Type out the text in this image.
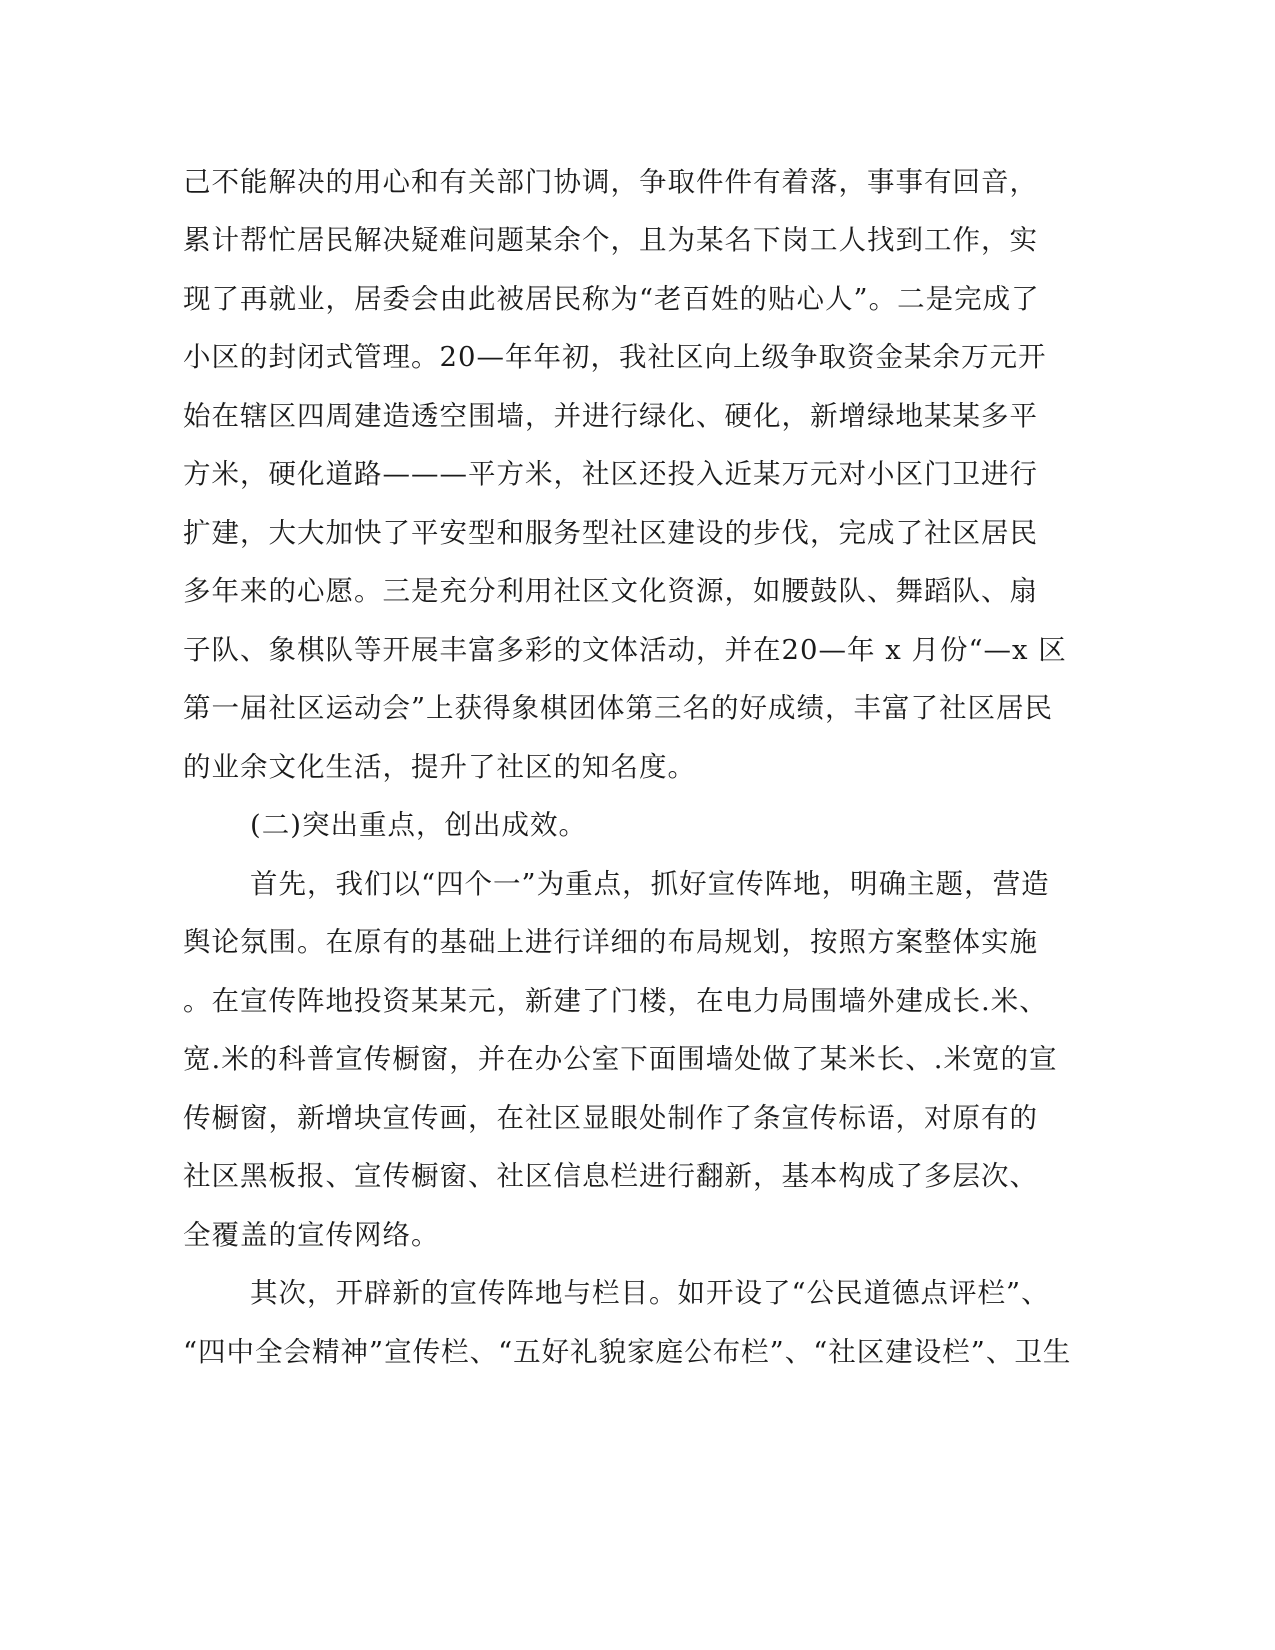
己不能解决的用心和有关部门协调，争取件件有着落，事事有回音，
累计帮忙居民解决疑难问题某余个，且为某名下岗工人找到工作，实
现了再就业，居委会由此被居民称为“老百姓的贴心人”。二是完成了
小区的封闭式管理。20—年年初，我社区向上级争取资金某余万元开
始在辖区四周建造透空围墙，并进行绿化、硬化，新增绿地某某多平
方米，硬化道路———平方米，社区还投入近某万元对小区门卫进行
扩建，大大加快了平安型和服务型社区建设的步伐，完成了社区居民
多年来的心愿。三是充分利用社区文化资源，如腰鼓队、舞蹈队、扇
子队、象棋队等开展丰富多彩的文体活动，并在20—年 x 月份“—x 区
第一届社区运动会”上获得象棋团体第三名的好成绩，丰富了社区居民
的业余文化生活，提升了社区的知名度。
(二)突出重点，创出成效。
首先，我们以“四个一”为重点，抓好宣传阵地，明确主题，营造
舆论氛围。在原有的基础上进行详细的布局规划，按照方案整体实施
。在宣传阵地投资某某元，新建了门楼，在电力局围墙外建成长.米、
宽.米的科普宣传橱窗，并在办公室下面围墙处做了某米长、.米宽的宣
传橱窗，新增块宣传画，在社区显眼处制作了条宣传标语，对原有的
社区黑板报、宣传橱窗、社区信息栏进行翻新，基本构成了多层次、
全覆盖的宣传网络。
其次，开辟新的宣传阵地与栏目。如开设了“公民道德点评栏”、
“四中全会精神”宣传栏、“五好礼貌家庭公布栏”、“社区建设栏”、卫生
